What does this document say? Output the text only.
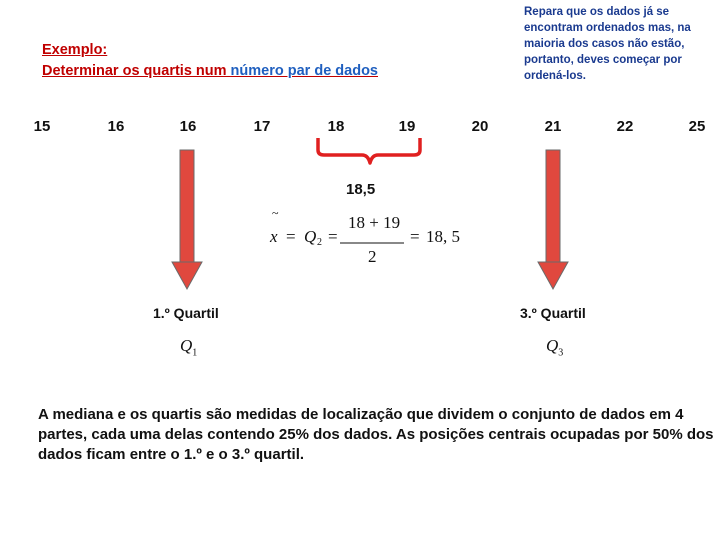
Repara que os dados já se encontram ordenados mas, na maioria dos casos não estão, portanto, deves começar por ordená-los.
Exemplo:
Determinar os quartis num número par de dados
15	16	16	17	18	19	20	21	22	25
18,5
~
x = Q 2 =
18 + 19
2
= 18, 5
1.º Quartil
$Q_1$
3.º Quartil
$Q_3$
A mediana e os quartis são medidas de localização que dividem o conjunto de dados em 4 partes, cada uma delas contendo 25% dos dados. As posições centrais ocupadas por 50% dos dados ficam entre o 1.º e o 3.º quartil.
